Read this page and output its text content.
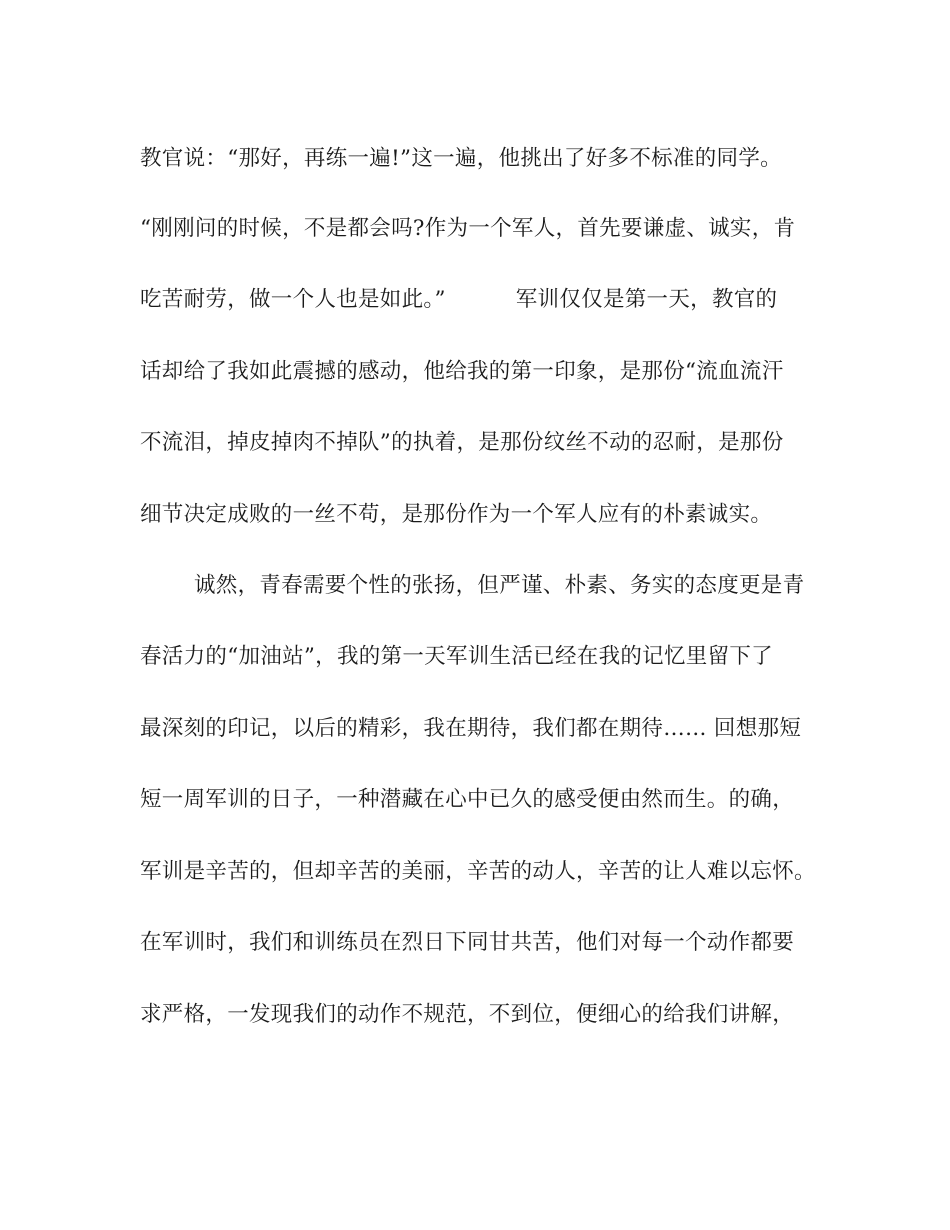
教官说：“那好，再练一遍!”这一遍，他挑出了好多不标准的同学。
“刚刚问的时候，不是都会吗?作为一个军人，首先要谦虚、诚实，肯
吃苦耐劳，做一个人也是如此。”	军训仅仅是第一天，教官的
话却给了我如此震撼的感动，他给我的第一印象，是那份“流血流汗
不流泪，掉皮掉肉不掉队”的执着，是那份纹丝不动的忍耐，是那份
细节决定成败的一丝不苟，是那份作为一个军人应有的朴素诚实。
诚然，青春需要个性的张扬，但严谨、朴素、务实的态度更是青
春活力的“加油站”，我的第一天军训生活已经在我的记忆里留下了
最深刻的印记，以后的精彩，我在期待，我们都在期待…… 回想那短
短一周军训的日子，一种潜藏在心中已久的感受便由然而生。的确，
军训是辛苦的，但却辛苦的美丽，辛苦的动人，辛苦的让人难以忘怀。
在军训时，我们和训练员在烈日下同甘共苦，他们对每一个动作都要
求严格，一发现我们的动作不规范，不到位，便细心的给我们讲解，
